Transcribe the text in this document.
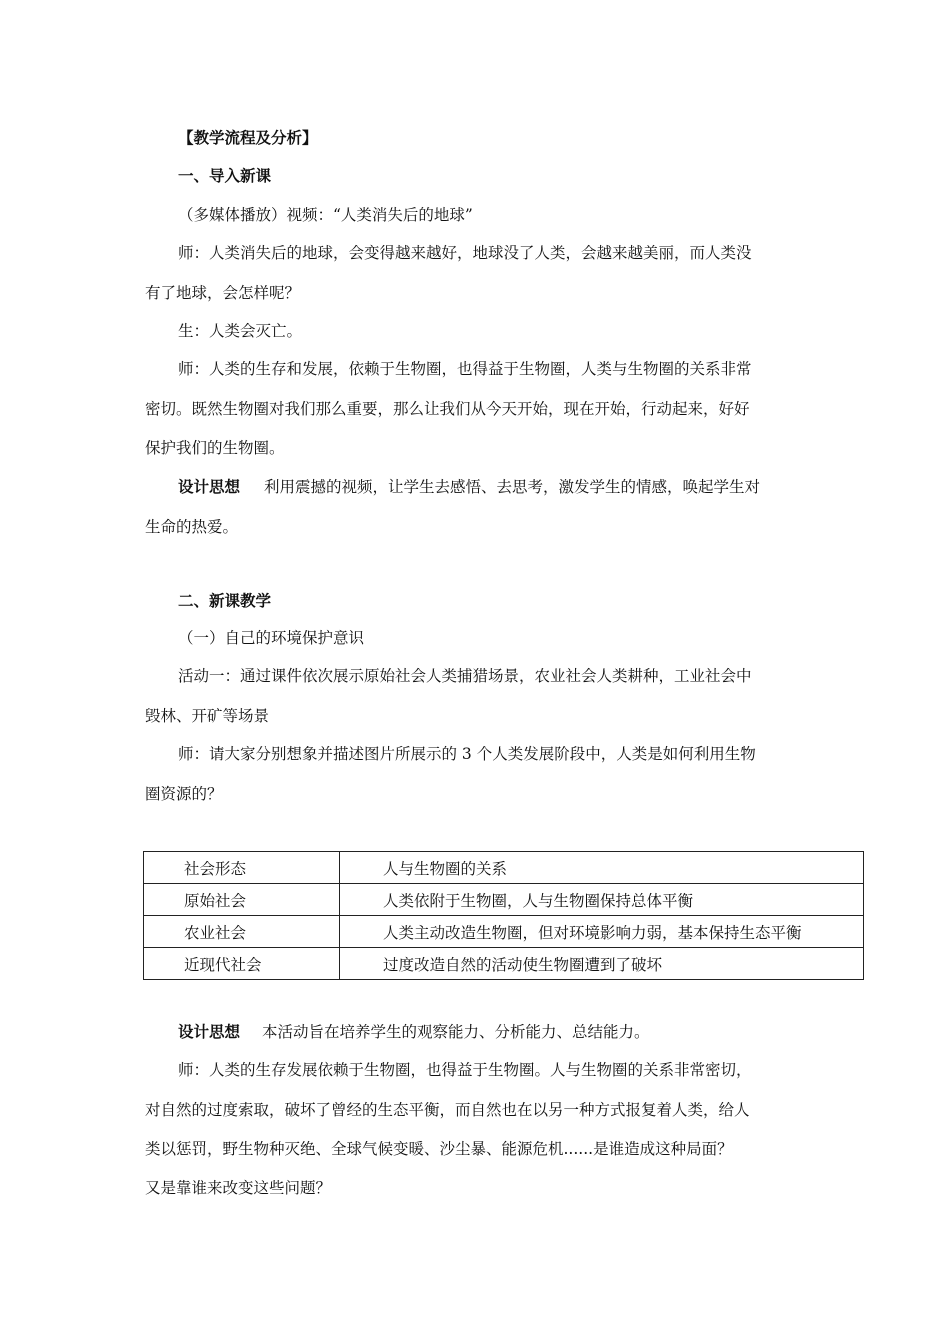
【教学流程及分析】
一、导入新课
（多媒体播放）视频：“人类消失后的地球”
师：人类消失后的地球，会变得越来越好，地球没了人类，会越来越美丽，而人类没
有了地球，会怎样呢？
生：人类会灭亡。
师：人类的生存和发展，依赖于生物圈，也得益于生物圈，人类与生物圈的关系非常
密切。既然生物圈对我们那么重要，那么让我们从今天开始，现在开始，行动起来，好好
保护我们的生物圈。
设计思想 利用震撼的视频，让学生去感悟、去思考，激发学生的情感，唤起学生对
生命的热爱。
二、新课教学
（一）自己的环境保护意识
活动一：通过课件依次展示原始社会人类捕猎场景，农业社会人类耕种，工业社会中
毁林、开矿等场景
师：请大家分别想象并描述图片所展示的 3 个人类发展阶段中，人类是如何利用生物
圈资源的？
社会形态	人与生物圈的关系
原始社会	人类依附于生物圈，人与生物圈保持总体平衡
农业社会	人类主动改造生物圈，但对环境影响力弱，基本保持生态平衡
近现代社会	过度改造自然的活动使生物圈遭到了破坏
设计思想 本活动旨在培养学生的观察能力、分析能力、总结能力。
师：人类的生存发展依赖于生物圈，也得益于生物圈。人与生物圈的关系非常密切，
对自然的过度索取，破坏了曾经的生态平衡，而自然也在以另一种方式报复着人类，给人
类以惩罚，野生物种灭绝、全球气候变暖、沙尘暴、能源危机......是谁造成这种局面？
又是靠谁来改变这些问题？
